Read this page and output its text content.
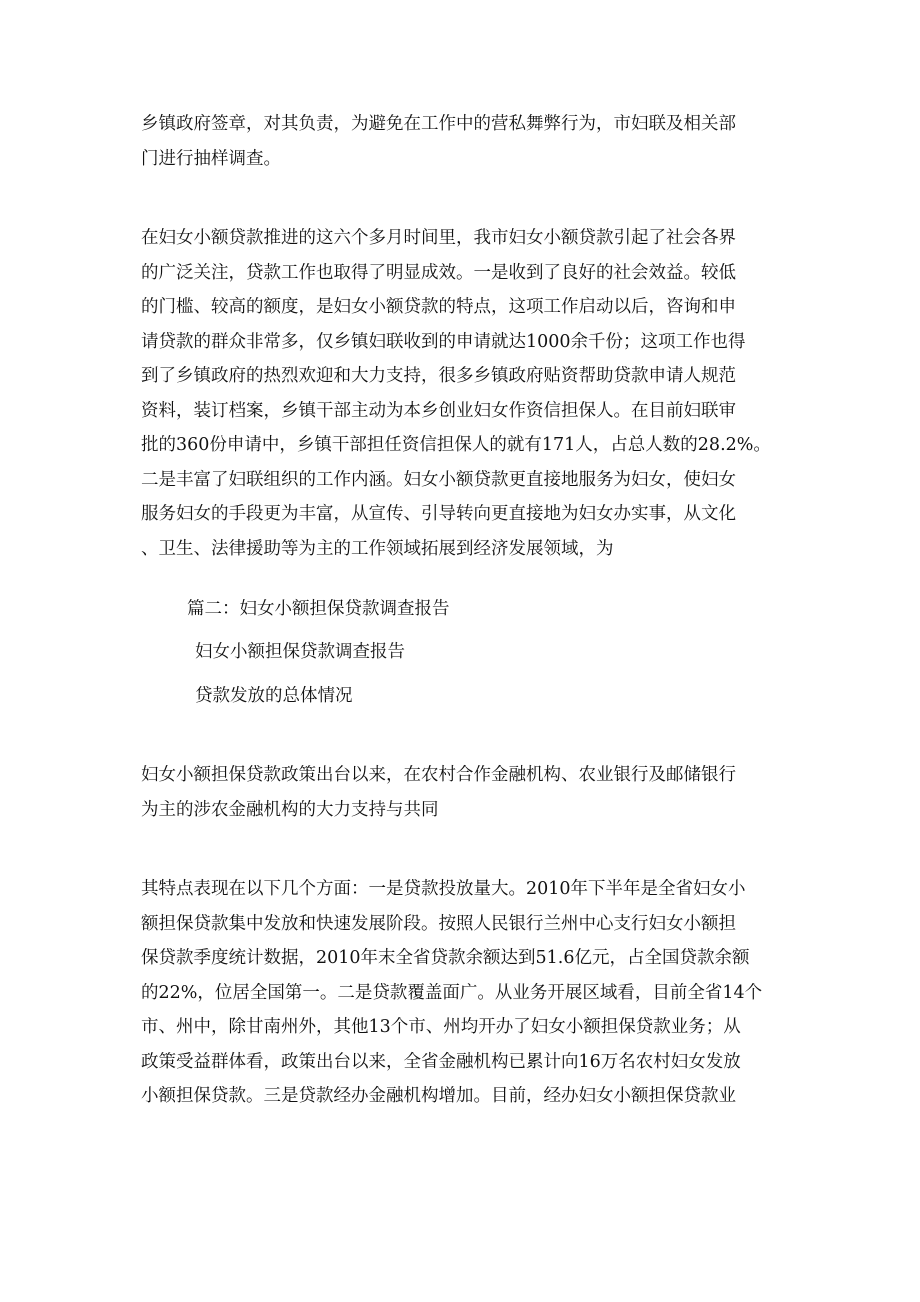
乡镇政府签章，对其负责，为避免在工作中的营私舞弊行为，市妇联及相关部
门进行抽样调查。

在妇女小额贷款推进的这六个多月时间里，我市妇女小额贷款引起了社会各界
的广泛关注，贷款工作也取得了明显成效。一是收到了良好的社会效益。较低
的门槛、较高的额度，是妇女小额贷款的特点，这项工作启动以后，咨询和申
请贷款的群众非常多，仅乡镇妇联收到的申请就达1000余千份；这项工作也得
到了乡镇政府的热烈欢迎和大力支持，很多乡镇政府贴资帮助贷款申请人规范
资料，装订档案，乡镇干部主动为本乡创业妇女作资信担保人。在目前妇联审
批的360份申请中，乡镇干部担任资信担保人的就有171人，占总人数的28.2%。
二是丰富了妇联组织的工作内涵。妇女小额贷款更直接地服务为妇女，使妇女
服务妇女的手段更为丰富，从宣传、引导转向更直接地为妇女办实事，从文化
、卫生、法律援助等为主的工作领域拓展到经济发展领域，为

篇二：妇女小额担保贷款调查报告

妇女小额担保贷款调查报告

贷款发放的总体情况

妇女小额担保贷款政策出台以来，在农村合作金融机构、农业银行及邮储银行
为主的涉农金融机构的大力支持与共同

其特点表现在以下几个方面：一是贷款投放量大。2010年下半年是全省妇女小
额担保贷款集中发放和快速发展阶段。按照人民银行兰州中心支行妇女小额担
保贷款季度统计数据，2010年末全省贷款余额达到51.6亿元，占全国贷款余额
的22%，位居全国第一。二是贷款覆盖面广。从业务开展区域看，目前全省14个
市、州中，除甘南州外，其他13个市、州均开办了妇女小额担保贷款业务；从
政策受益群体看，政策出台以来，全省金融机构已累计向16万名农村妇女发放
小额担保贷款。三是贷款经办金融机构增加。目前，经办妇女小额担保贷款业
